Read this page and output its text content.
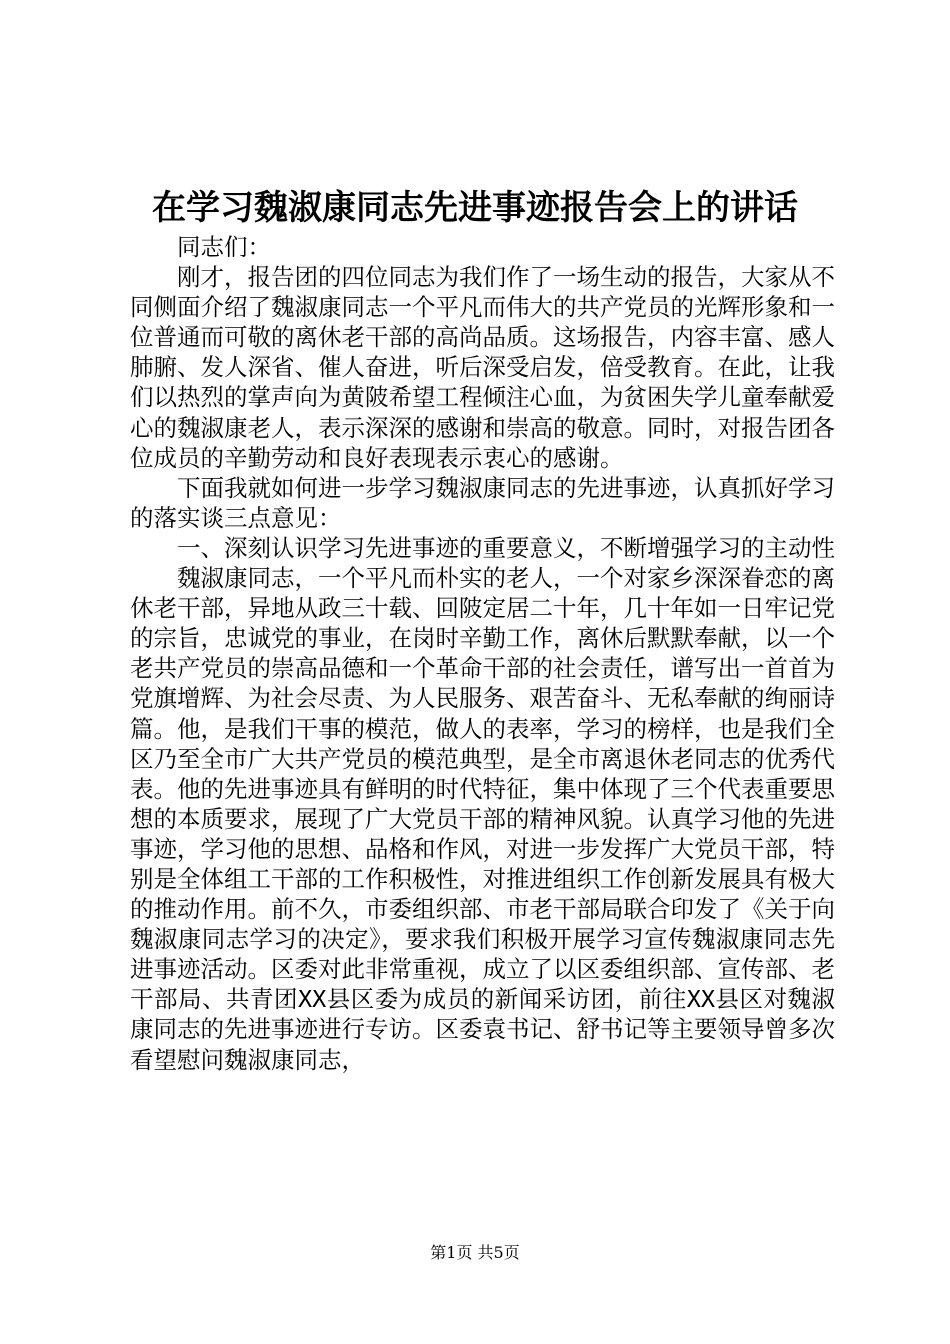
在学习魏淑康同志先进事迹报告会上的讲话

同志们：

刚才，报告团的四位同志为我们作了一场生动的报告，大家从不同侧面介绍了魏淑康同志一个平凡而伟大的共产党员的光辉形象和一位普通而可敬的离休老干部的高尚品质。这场报告，内容丰富、感人肺腑、发人深省、催人奋进，听后深受启发，倍受教育。在此，让我们以热烈的掌声向为黄陂希望工程倾注心血，为贫困失学儿童奉献爱心的魏淑康老人，表示深深的感谢和崇高的敬意。同时，对报告团各位成员的辛勤劳动和良好表现表示衷心的感谢。

下面我就如何进一步学习魏淑康同志的先进事迹，认真抓好学习的落实谈三点意见：

一、深刻认识学习先进事迹的重要意义，不断增强学习的主动性

魏淑康同志，一个平凡而朴实的老人，一个对家乡深深眷恋的离休老干部，异地从政三十载、回陂定居二十年，几十年如一日牢记党的宗旨，忠诚党的事业，在岗时辛勤工作，离休后默默奉献，以一个老共产党员的崇高品德和一个革命干部的社会责任，谱写出一首首为党旗增辉、为社会尽责、为人民服务、艰苦奋斗、无私奉献的绚丽诗篇。他，是我们干事的模范，做人的表率，学习的榜样，也是我们全区乃至全市广大共产党员的模范典型，是全市离退休老同志的优秀代表。他的先进事迹具有鲜明的时代特征，集中体现了三个代表重要思想的本质要求，展现了广大党员干部的精神风貌。认真学习他的先进事迹，学习他的思想、品格和作风，对进一步发挥广大党员干部，特别是全体组工干部的工作积极性，对推进组织工作创新发展具有极大的推动作用。前不久，市委组织部、市老干部局联合印发了《关于向魏淑康同志学习的决定》，要求我们积极开展学习宣传魏淑康同志先进事迹活动。区委对此非常重视，成立了以区委组织部、宣传部、老干部局、共青团XX县区委为成员的新闻采访团，前往XX县区对魏淑康同志的先进事迹进行专访。区委袁书记、舒书记等主要领导曾多次看望慰问魏淑康同志，

第1页 共5页
